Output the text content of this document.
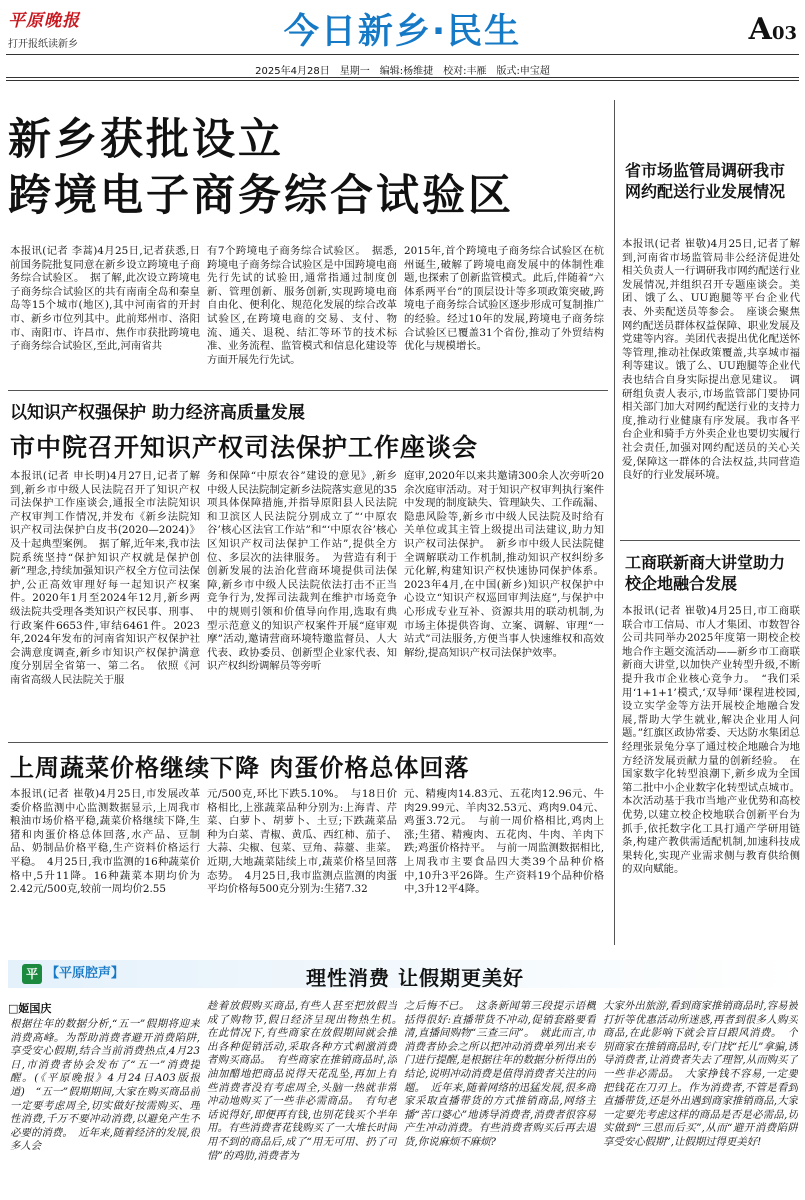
平原晚报
打开报纸读新乡	今日新乡·民生	A03
2025年4月28日　星期一　编辑:杨维捷　校对:丰雁　版式:申宝超
新乡获批设立
跨境电子商务综合试验区
本报讯(记者 李蒿)4月25日,记者获悉,日前国务院批复同意在新乡设立跨境电子商务综合试验区。　据了解,此次设立跨境电子商务综合试验区的共有南南全岛和秦皇岛等15个城市(地区),其中河南省的开封市、新乡市位列其中。此前郑州市、洛阳市、南阳市、许昌市、焦作市获批跨境电子商务综合试验区,至此,河南省共
有7个跨境电子商务综合试验区。　据悉,跨境电子商务综合试验区是中国跨境电商先行先试的试验田,通常指通过制度创新、管理创新、服务创新,实现跨境电商自由化、便利化、规范化发展的综合改革试验区,在跨境电商的交易、支付、物流、通关、退税、结汇等环节的技术标准、业务流程、监管模式和信息化建设等方面开展先行先试。
2015年,首个跨境电子商务综合试验区在杭州诞生,破解了跨境电商发展中的体制性难题,也探索了创新监管模式。此后,伴随着“六体系两平台”的顶层设计等多项政策突破,跨境电子商务综合试验区逐步形成可复制推广的经验。经过10年的发展,跨境电子商务综合试验区已覆盖31个省份,推动了外贸结构优化与规模增长。
以知识产权强保护 助力经济高质量发展
市中院召开知识产权司法保护工作座谈会
本报讯(记者 申长明)4月27日,记者了解到,新乡市中级人民法院召开了知识产权司法保护工作座谈会,通报全市法院知识产权审判工作情况,并发布《新乡法院知识产权司法保护白皮书(2020—2024)》及十起典型案例。　据了解,近年来,我市法院系统坚持“保护知识产权就是保护创新”理念,持续加强知识产权全方位司法保护,公正高效审理好每一起知识产权案件。2020年1月至2024年12月,新乡两级法院共受理各类知识产权民事、刑事、行政案件6653件,审结6461件。2023年,2024年发布的河南省知识产权保护社会满意度调查,新乡市知识产权保护满意度分别居全省第一、第二名。　依照《河南省高级人民法院关于服
务和保障“中原农谷”建设的意见》,新乡中级人民法院制定新乡法院落实意见的35项具体保障措施,并指导原阳县人民法院和卫滨区人民法院分别成立了“‘中原农谷’核心区法官工作站”和“‘中原农谷’核心区知识产权司法保护工作站”,提供全方位、多层次的法律服务。　为营造有利于创新发展的法治化营商环境提供司法保障,新乡市中级人民法院依法打击不正当竞争行为,发挥司法裁判在维护市场竞争中的规则引领和价值导向作用,选取有典型示范意义的知识产权案件开展“庭审观摩”活动,邀请营商环境特邀监督员、人大代表、政协委员、创新型企业家代表、知识产权纠纷调解员等旁听
庭审,2020年以来共邀请300余人次旁听20余次庭审活动。对于知识产权审判执行案件中发现的制度缺失、管理缺失、工作疏漏、隐患风险等,新乡市中级人民法院及时给有关单位或其主管上级提出司法建议,助力知识产权司法保护。　新乡市中级人民法院健全调解联动工作机制,推动知识产权纠纷多元化解,构建知识产权快速协同保护体系。2023年4月,在中国(新乡)知识产权保护中心设立“知识产权巡回审判法庭”,与保护中心形成专业互补、资源共用的联动机制,为市场主体提供咨询、立案、调解、审理“一站式”司法服务,方便当事人快速维权和高效解纷,提高知识产权司法保护效率。
上周蔬菜价格继续下降 肉蛋价格总体回落
本报讯(记者 崔敬)4月25日,市发展改革委价格监测中心监测数据显示,上周我市粮油市场价格平稳,蔬菜价格继续下降,生猪和肉蛋价格总体回落,水产品、豆制品、奶制品价格平稳,生产资料价格运行平稳。　4月25日,我市监测的16种蔬菜价格中,5升11降。16种蔬菜本期均价为2.42元/500克,较前一周均价2.55
元/500克,环比下跌5.10%。　与18日价格相比,上涨蔬菜品种分别为:上海青、芹菜、白萝卜、胡萝卜、土豆;下跌蔬菜品种为白菜、青椒、黄瓜、西红柿、茄子、大蒜、尖椒、包菜、豆角、蒜薹、韭菜。近期,大地蔬菜陆续上市,蔬菜价格呈回落态势。　4月25日,我市监测点监测的肉蛋平均价格每500克分别为:生猪7.32
元、精瘦肉14.83元、五花肉12.96元、牛肉29.99元、羊肉32.53元、鸡肉9.04元、鸡蛋3.72元。　与前一周价格相比,鸡肉上涨;生猪、精瘦肉、五花肉、牛肉、羊肉下跌;鸡蛋价格持平。　与前一周监测数据相比,上周我市主要食品四大类39个品种价格中,10升3平26降。生产资料19个品种价格中,3升12平4降。
省市场监管局调研我市网约配送行业发展情况
本报讯(记者 崔敬)4月25日,记者了解到,河南省市场监管局非公经济促进处相关负责人一行调研我市网约配送行业发展情况,并组织召开专题座谈会。美团、饿了么、UU跑腿等平台企业代表、外卖配送员等参会。　座谈会聚焦网约配送员群体权益保障、职业发展及党建等内容。美团代表提出优化配送怀等管理,推动社保政策覆盖,共享城市福利等建议。饿了么、UU跑腿等企业代表也结合自身实际提出意见建议。　调研组负责人表示,市场监管部门要协同相关部门加大对网约配送行业的支持力度,推动行业健康有序发展。我市各平台企业和骑手方外卖企业也要切实履行社会责任,加强对网约配送员的关心关爱,保障这一群体的合法权益,共同营造良好的行业发展环境。
工商联新商大讲堂助力校企地融合发展
本报讯(记者 崔敬)4月25日,市工商联联合市工信局、市人才集团、市数智谷公司共同举办2025年度第一期校企校地合作主题交流活动——新乡市工商联新商大讲堂,以加快产业转型升级,不断提升我市企业核心竞争力。　“我们采用‘1+1+1’模式,‘双导师’课程进校园,设立实学金等方法开展校企地融合发展,帮助大学生就业,解决企业用人问题。”红旗区政协常委、天达防水集团总经理张景兔分享了通过校企地融合为地方经济发展贡献力量的创新经验。　在国家数字化转型浪潮下,新乡成为全国第二批中小企业数字化转型试点城市。本次活动基于我市当地产业优势和高校优势,以建立校企校地联合创新平台为抓手,依托数字化工具打通产学研用链条,构建产教供需适配机制,加速科技成果转化,实现产业需求侧与教育供给侧的双向赋能。
平 【平原腔声】	理性消费 让假期更美好
□姬国庆
根据往年的数据分析,“五一”假期将迎来消费高峰。为帮助消费者避开消费陷阱,享受安心假期,结合当前消费热点,4月23日,市消费者协会发布了“五一”消费提醒。(《平原晚报》4月24日A03版报道)　“五一”假期期间,大家在购买商品前一定要考虑周全,切实做好按需购买、理性消费,千万不要冲动消费,以避免产生不必要的消费。　近年来,随着经济的发展,很多人会
趁着放假购买商品,有些人甚至把放假当成了购物节,假日经济呈现出物热生机。　在此情况下,有些商家在放假期间就会推出各种促销活动,采取各种方式刺激消费者购买商品。　有些商家在推销商品时,添油加醋地把商品说得天花乱坠,再加上有些消费者没有考虑周全,头脑一热就非常冲动地购买了一些非必需商品。　有句老话说得好,即便再有钱,也别花钱买个半年用。有些消费者花钱购买了一大堆长时间用不到的商品后,成了“用无可用、扔了可惜”的鸡肋,消费者为
之后悔不已。　这条新闻第三段提示语概括得很好:直播带货不冲动,促销套路要看清,直播间购物“三查三问”。　就此而言,市消费者协会之所以把冲动消费单列出来专门进行提醒,是根据往年的数据分析得出的结论,说明冲动消费是值得消费者关注的问题。　近年来,随着网络的迅猛发展,很多商家采取直播带货的方式推销商品,网络主播“苦口婆心”地诱导消费者,消费者很容易产生冲动消费。有些消费者购买后再去退货,你说麻烦不麻烦?
大家外出旅游,看到商家推销商品时,容易被打折等优惠活动所迷惑,再者到很多人购买商品,在此影响下就会盲目跟风消费。　个别商家在推销商品时,专门找“托儿”拿骗,诱导消费者,让消费者失去了理智,从而购买了一些非必需品。　大家挣钱不容易,一定要把钱花在刀刃上。作为消费者,不管是看到直播带货,还是外出遇到商家推销商品,大家一定要先考虑这样的商品是否是必需品,切实做到“三思而后买”,从而“避开消费陷阱 享受安心假期”,让假期过得更美好!
